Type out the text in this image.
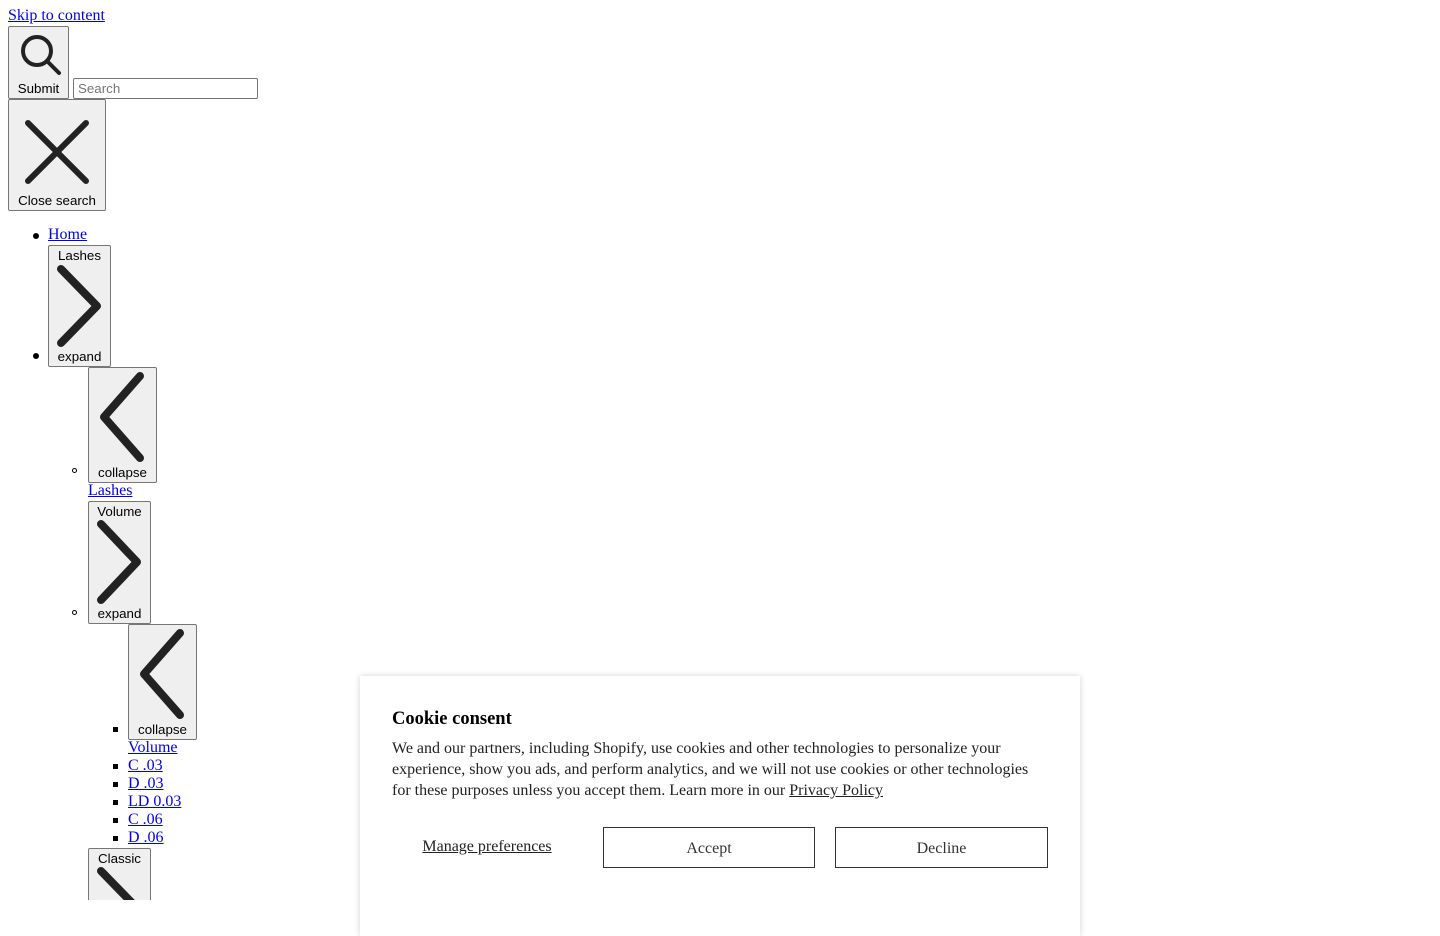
Skip to content
Submit
Search
Close search
Home
Lashes
expand
collapse
Lashes
Volume
expand
collapse
Volume
C .03
D .03
LD 0.03
C .06
D .06
Classic
Cookie consent

We and our partners, including Shopify, use cookies and other technologies to personalize your experience, show you ads, and perform analytics, and we will not use cookies or other technologies for these purposes unless you accept them. Learn more in our Privacy Policy

Manage preferences	Accept	Decline
